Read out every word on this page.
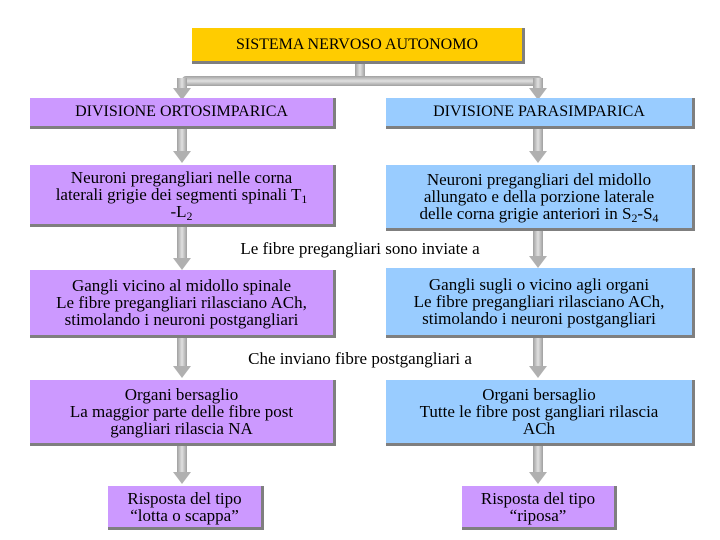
SISTEMA NERVOSO AUTONOMO
DIVISIONE ORTOSIMPARICA	DIVISIONE PARASIMPARICA
Neuroni pregangliari nelle corna
laterali grigie dei segmenti spinali $T_1$
$-L_2$
Neuroni pregangliari del midollo
allungato e della porzione laterale
delle corna grigie anteriori in $S_2-S_4$
Le fibre pregangliari sono inviate a
Gangli vicino al midollo spinale
Le fibre pregangliari rilasciano ACh,
stimolando i neuroni postgangliari
Gangli sugli o vicino agli organi
Le fibre pregangliari rilasciano ACh,
stimolando i neuroni postgangliari
Che inviano fibre postgangliari a
Organi bersaglio
La maggior parte delle fibre post
gangliari rilascia NA
Organi bersaglio
Tutte le fibre post gangliari rilascia
ACh
Risposta del tipo
“lotta o scappa”
Risposta del tipo
“riposa”
